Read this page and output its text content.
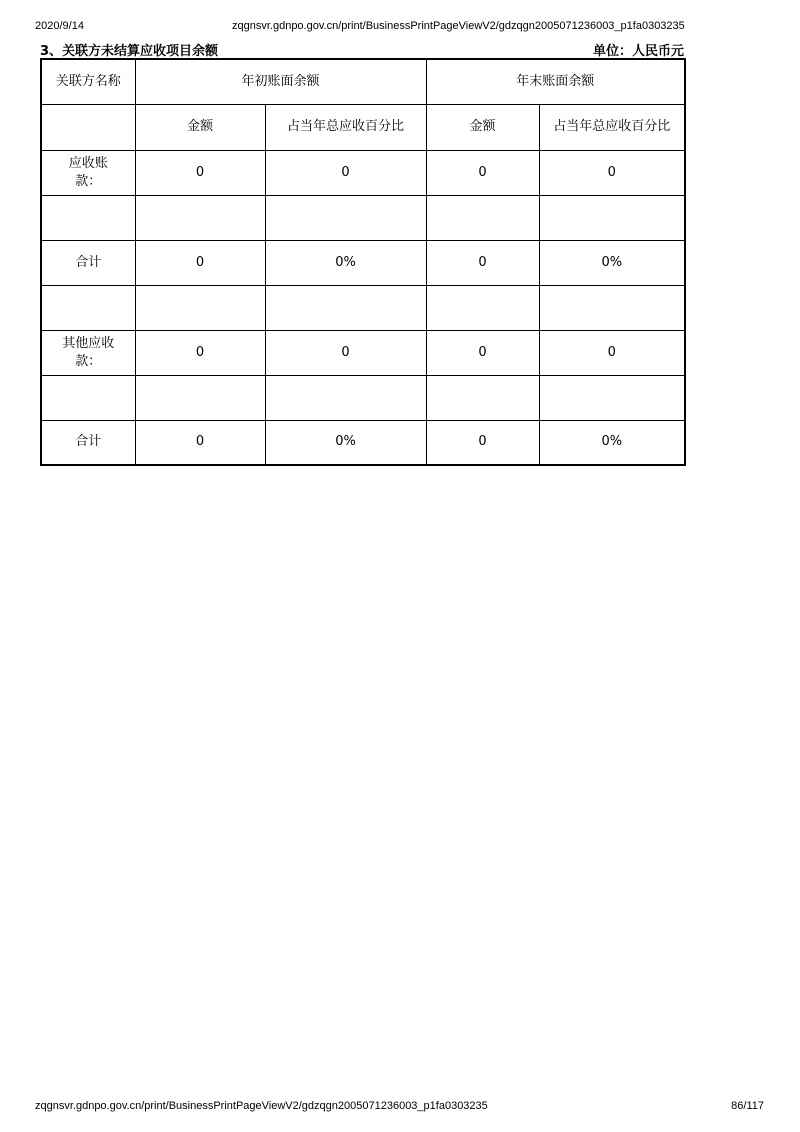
2020/9/14	zqgnsvr.gdnpo.gov.cn/print/BusinessPrintPageViewV2/gdzqgn2005071236003_p1fa0303235
3、关联方未结算应收项目余额	单位：人民币元
关联方名称	年初账面余额		年末账面余额	
	金额	占当年总应收百分比	金额	占当年总应收百分比
应收账款：	0	0	0	0

合计	0	0%	0	0%

其他应收款：	0	0	0	0

合计	0	0%	0	0%
zqgnsvr.gdnpo.gov.cn/print/BusinessPrintPageViewV2/gdzqgn2005071236003_p1fa0303235	86/117
